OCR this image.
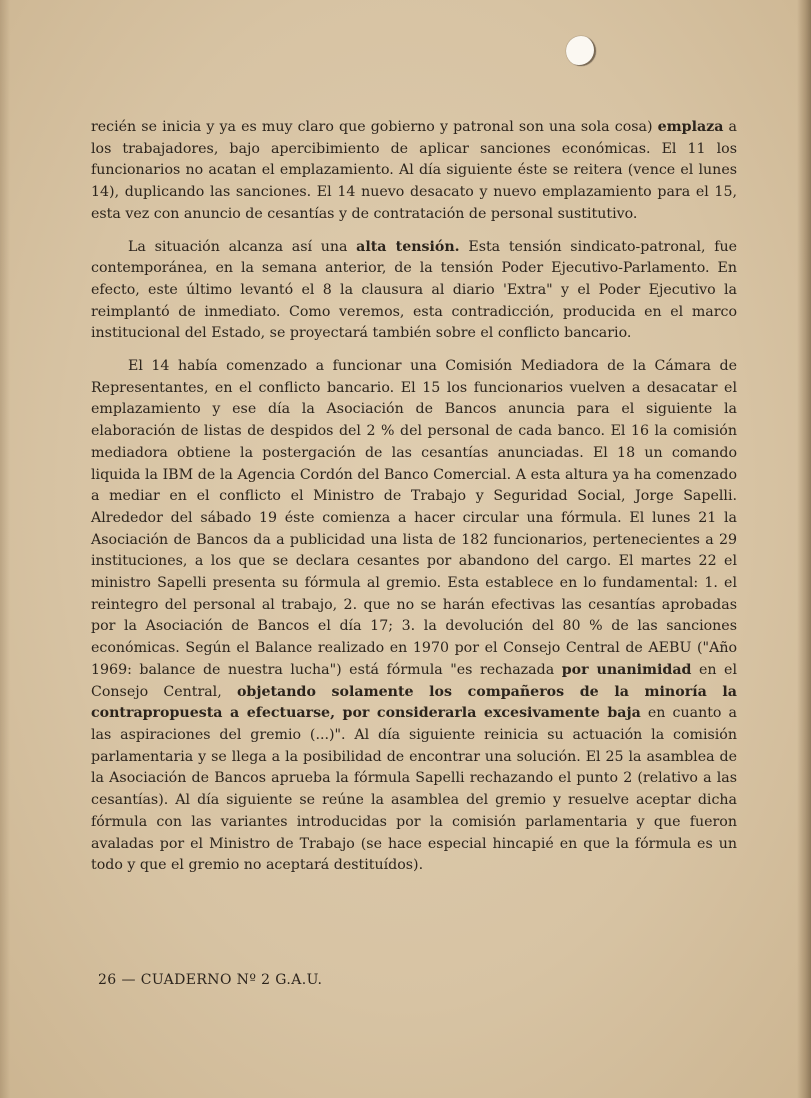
recién se inicia y ya es muy claro que gobierno y patronal son una sola cosa) emplaza a los trabajadores, bajo apercibimiento de aplicar sanciones económicas. El 11 los funcionarios no acatan el emplazamiento. Al día siguiente éste se reitera (vence el lunes 14), duplicando las sanciones. El 14 nuevo desacato y nuevo emplazamiento para el 15, esta vez con anuncio de cesantías y de contratación de personal sustitutivo.

La situación alcanza así una alta tensión. Esta tensión sindicato-patronal, fue contemporánea, en la semana anterior, de la tensión Poder Ejecutivo-Parlamento. En efecto, este último levantó el 8 la clausura al diario 'Extra" y el Poder Ejecutivo la reimplantó de inmediato. Como veremos, esta contradicción, producida en el marco institucional del Estado, se proyectará también sobre el conflicto bancario.

El 14 había comenzado a funcionar una Comisión Mediadora de la Cámara de Representantes, en el conflicto bancario. El 15 los funcionarios vuelven a desacatar el emplazamiento y ese día la Asociación de Bancos anuncia para el siguiente la elaboración de listas de despidos del 2 % del personal de cada banco. El 16 la comisión mediadora obtiene la postergación de las cesantías anunciadas. El 18 un comando liquida la IBM de la Agencia Cordón del Banco Comercial. A esta altura ya ha comenzado a mediar en el conflicto el Ministro de Trabajo y Seguridad Social, Jorge Sapelli. Alrededor del sábado 19 éste comienza a hacer circular una fórmula. El lunes 21 la Asociación de Bancos da a publicidad una lista de 182 funcionarios, pertenecientes a 29 instituciones, a los que se declara cesantes por abandono del cargo. El martes 22 el ministro Sapelli presenta su fórmula al gremio. Esta establece en lo fundamental: 1. el reintegro del personal al trabajo, 2. que no se harán efectivas las cesantías aprobadas por la Asociación de Bancos el día 17; 3. la devolución del 80 % de las sanciones económicas. Según el Balance realizado en 1970 por el Consejo Central de AEBU ("Año 1969: balance de nuestra lucha") está fórmula "es rechazada por unanimidad en el Consejo Central, objetando solamente los compañeros de la minoría la contrapropuesta a efectuarse, por considerarla excesivamente baja en cuanto a las aspiraciones del gremio (...)". Al día siguiente reinicia su actuación la comisión parlamentaria y se llega a la posibilidad de encontrar una solución. El 25 la asamblea de la Asociación de Bancos aprueba la fórmula Sapelli rechazando el punto 2 (relativo a las cesantías). Al día siguiente se reúne la asamblea del gremio y resuelve aceptar dicha fórmula con las variantes introducidas por la comisión parlamentaria y que fueron avaladas por el Ministro de Trabajo (se hace especial hincapié en que la fórmula es un todo y que el gremio no aceptará destituídos).

26 — CUADERNO Nº 2 G.A.U.
